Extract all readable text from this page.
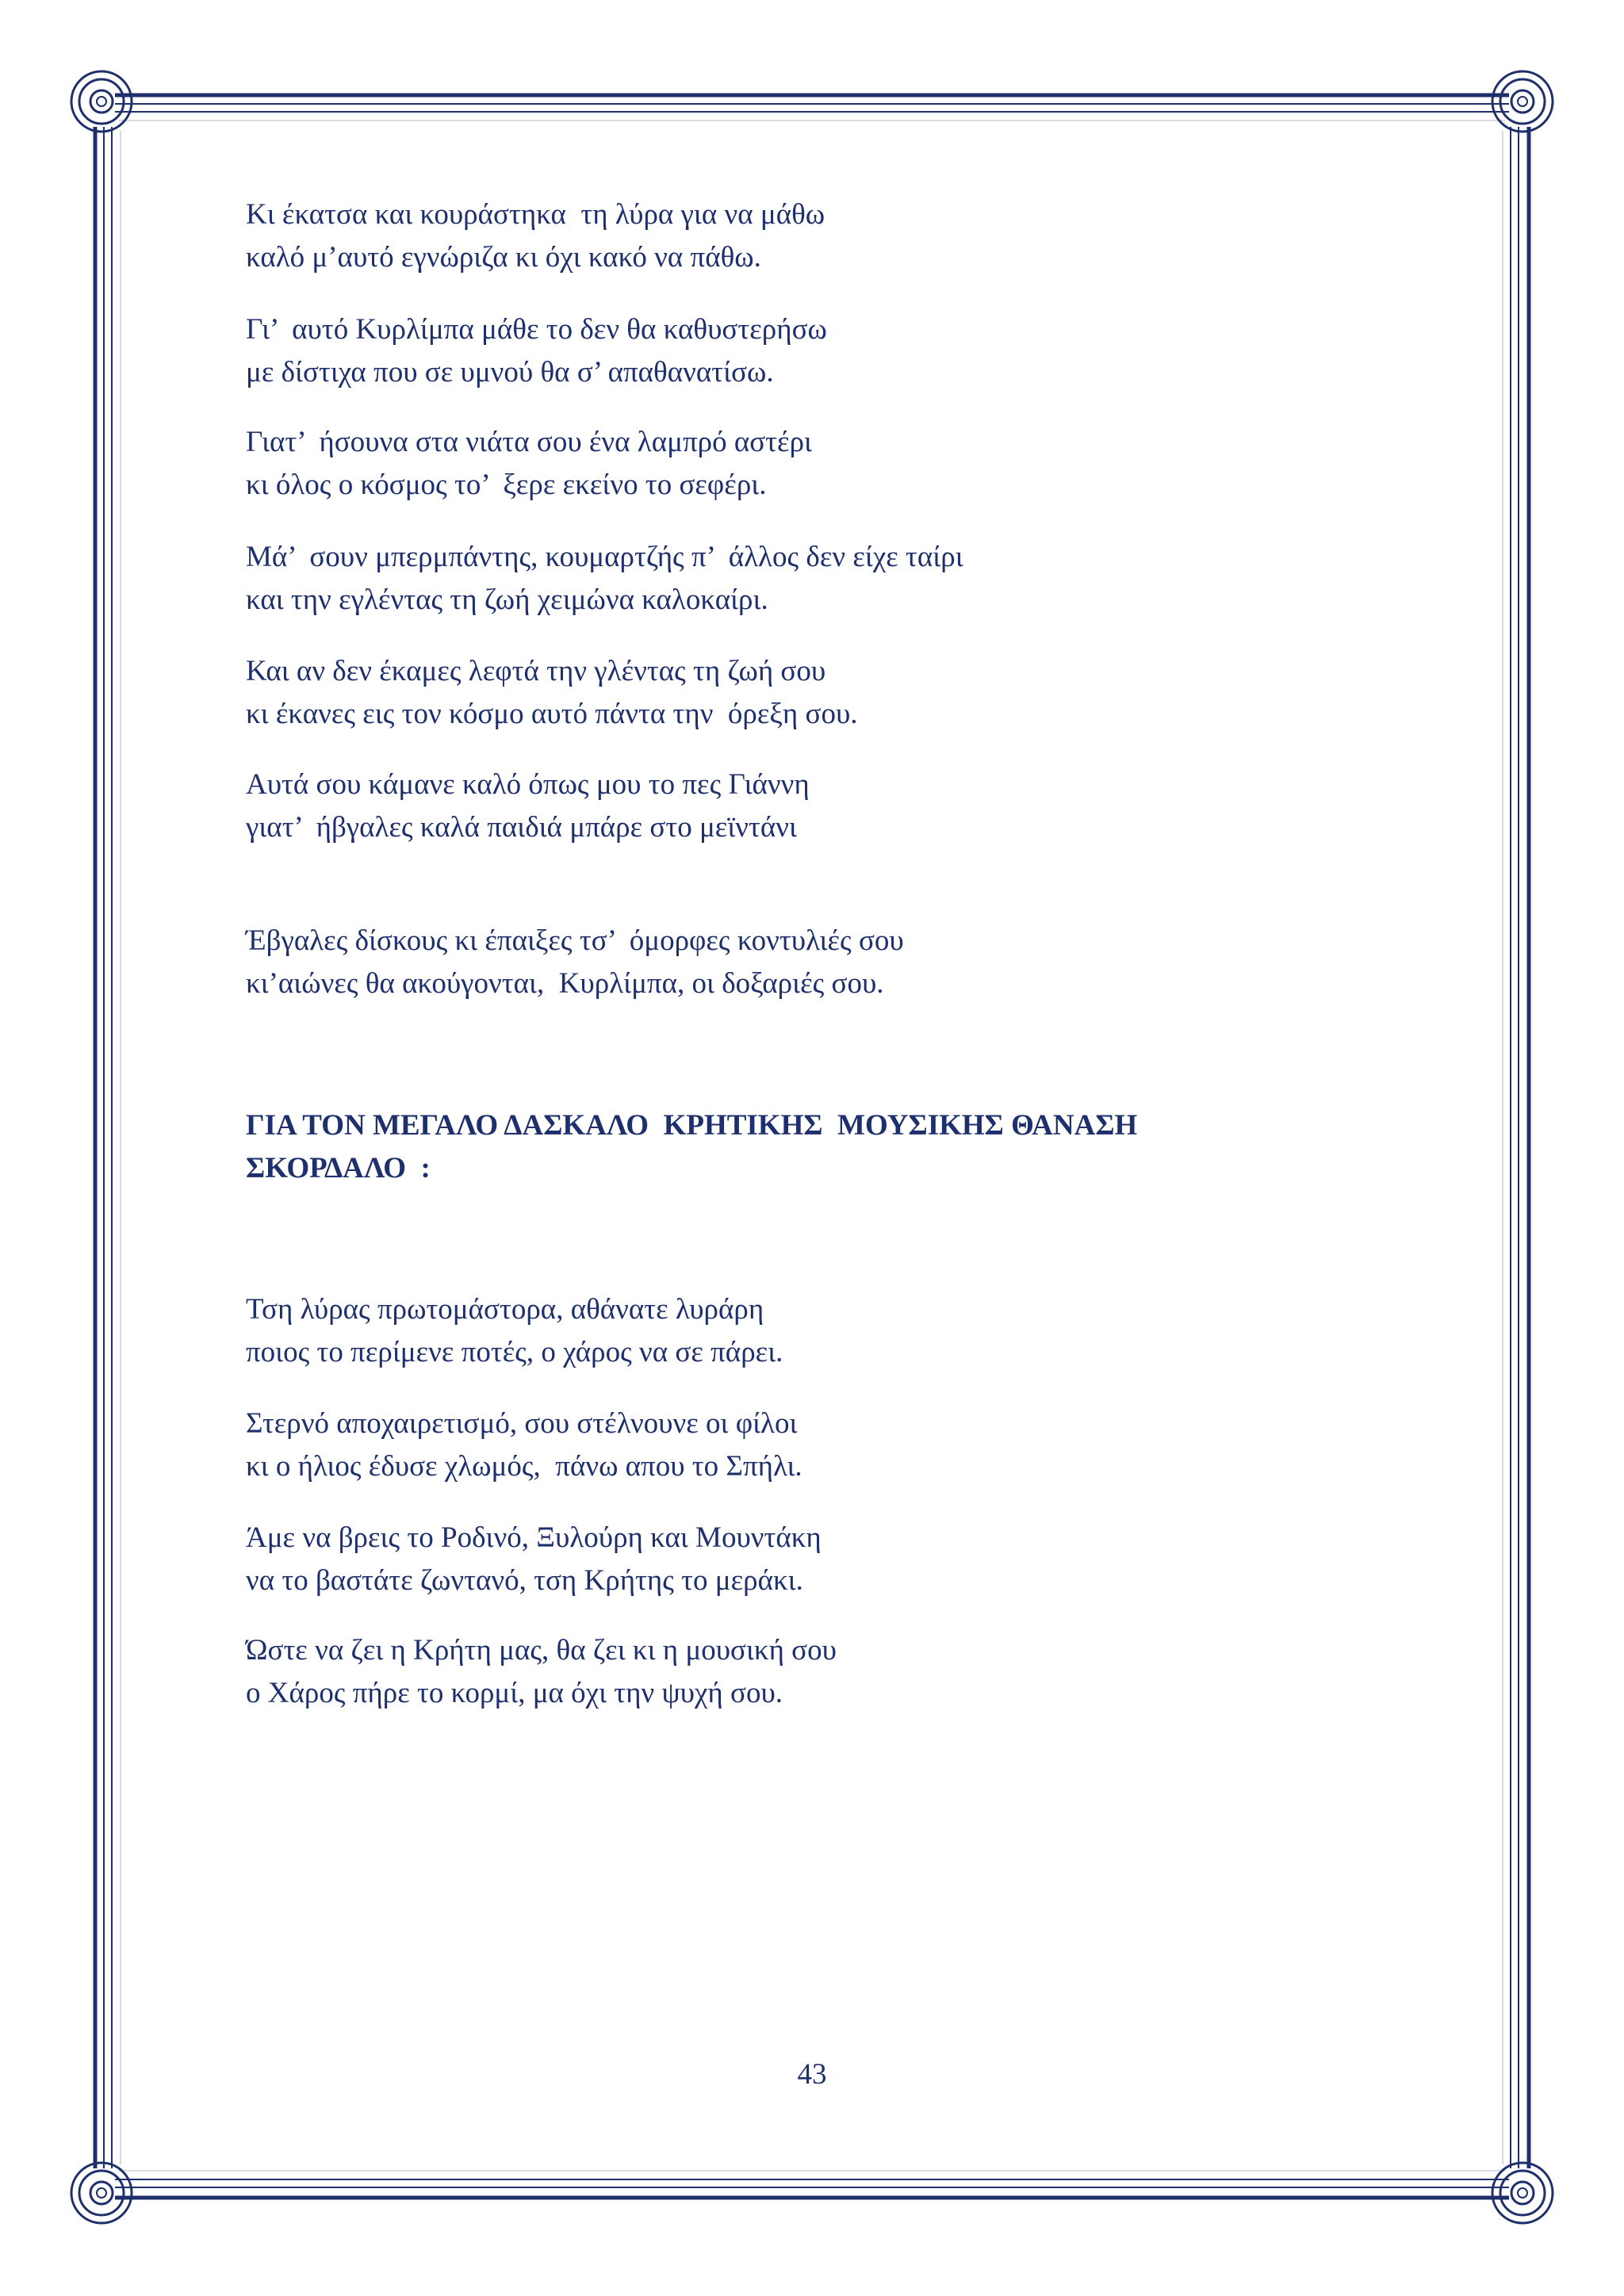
Κι έκατσα και κουράστηκα  τη λύρα για να μάθω
καλό μ’αυτό εγνώριζα κι όχι κακό να πάθω.
Γι’  αυτό Κυρλίμπα μάθε το δεν θα καθυστερήσω
με δίστιχα που σε υμνού θα σ’ απαθανατίσω.
Γιατ’  ήσουνα στα νιάτα σου ένα λαμπρό αστέρι
κι όλος ο κόσμος το’  ξερε εκείνο το σεφέρι.
Μά’  σουν μπερμπάντης, κουμαρτζής π’  άλλος δεν είχε ταίρι
και την εγλέντας τη ζωή χειμώνα καλοκαίρι.
Και αν δεν έκαμες λεφτά την γλέντας τη ζωή σου
κι έκανες εις τον κόσμο αυτό πάντα την  όρεξη σου.
Αυτά σου κάμανε καλό όπως μου το πες Γιάννη
γιατ’  ήβγαλες καλά παιδιά μπάρε στο μεϊντάνι
Έβγαλες δίσκους κι έπαιξες τσ’  όμορφες κοντυλιές σου
κι’αιώνες θα ακούγονται,  Κυρλίμπα, οι δοξαριές σου.
ΓΙΑ ΤΟΝ ΜΕΓΑΛΟ ΔΑΣΚΑΛΟ  ΚΡΗΤΙΚΗΣ  ΜΟΥΣΙΚΗΣ ΘΑΝΑΣΗ
ΣΚΟΡΔΑΛΟ  :
Τση λύρας πρωτομάστορα, αθάνατε λυράρη
ποιος το περίμενε ποτές, ο χάρος να σε πάρει.
Στερνό αποχαιρετισμό, σου στέλνουνε οι φίλοι
κι ο ήλιος έδυσε χλωμός,  πάνω απου το Σπήλι.
Άμε να βρεις το Ροδινό, Ξυλούρη και Μουντάκη
να το βαστάτε ζωντανό, τση Κρήτης το μεράκι.
Ώστε να ζει η Κρήτη μας, θα ζει κι η μουσική σου
ο Χάρος πήρε το κορμί, μα όχι την ψυχή σου.
43
